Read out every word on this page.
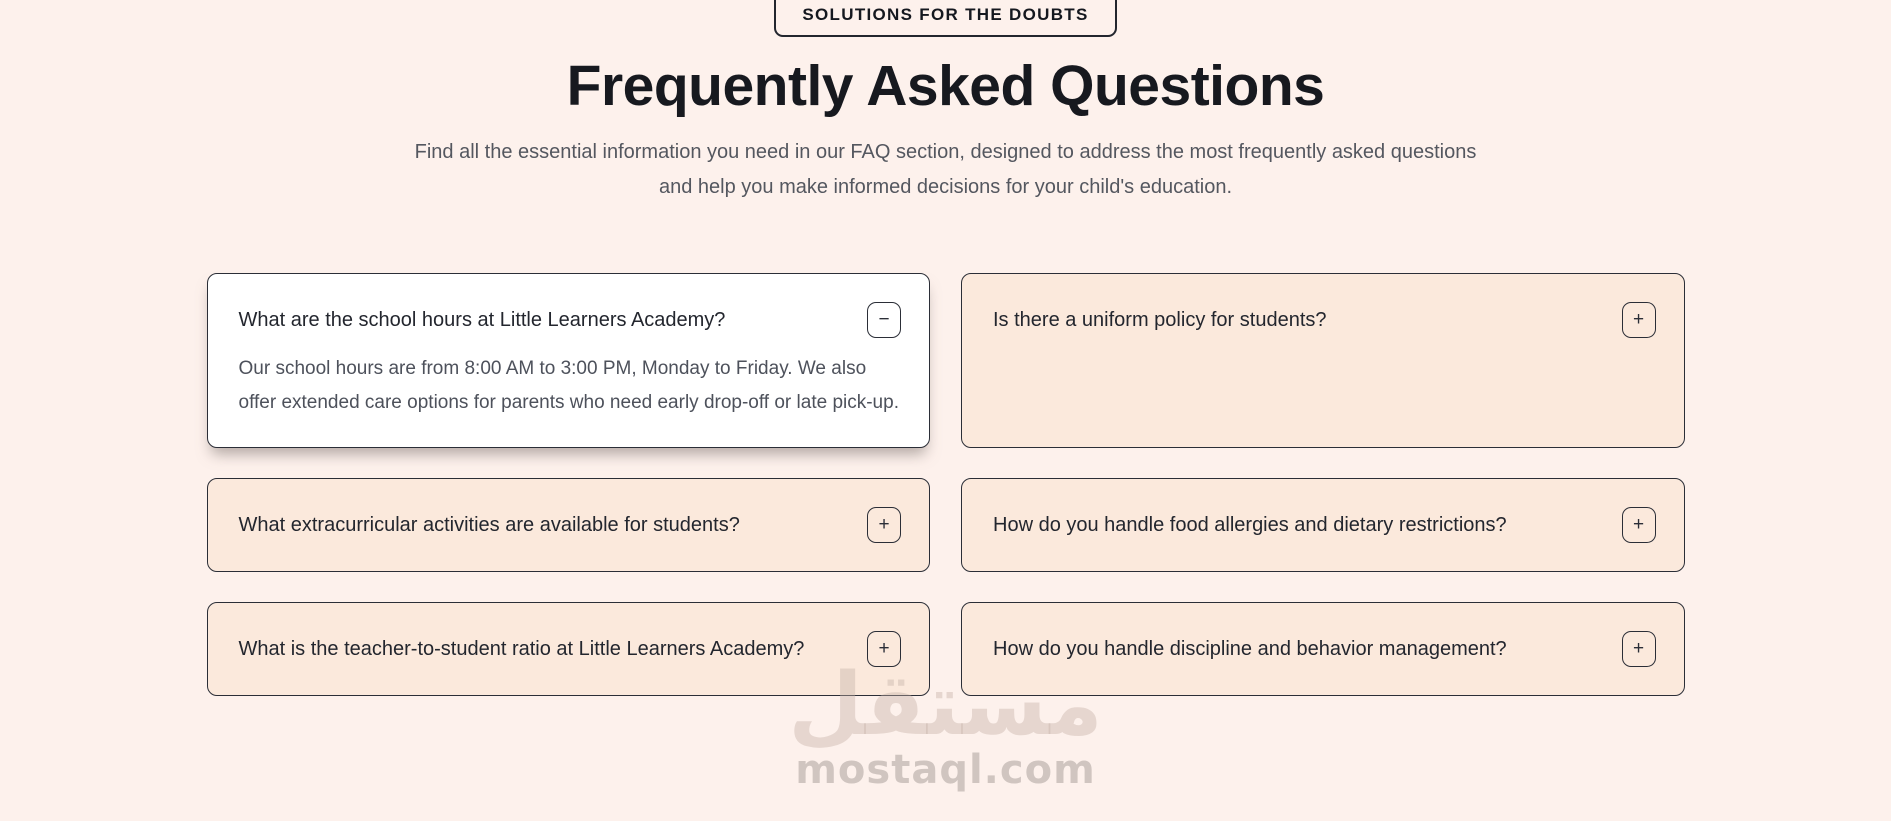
SOLUTIONS FOR THE DOUBTS
Frequently Asked Questions

Find all the essential information you need in our FAQ section, designed to address the most frequently asked questions and help you make informed decisions for your child's education.

What are the school hours at Little Learners Academy?	−
Our school hours are from 8:00 AM to 3:00 PM, Monday to Friday. We also offer extended care options for parents who need early drop-off or late pick-up.
Is there a uniform policy for students?	+
What extracurricular activities are available for students?	+	How do you handle food allergies and dietary restrictions?	+
What is the teacher-to-student ratio at Little Learners Academy?	+	How do you handle discipline and behavior management?	+
مستقل
mostaql.com
